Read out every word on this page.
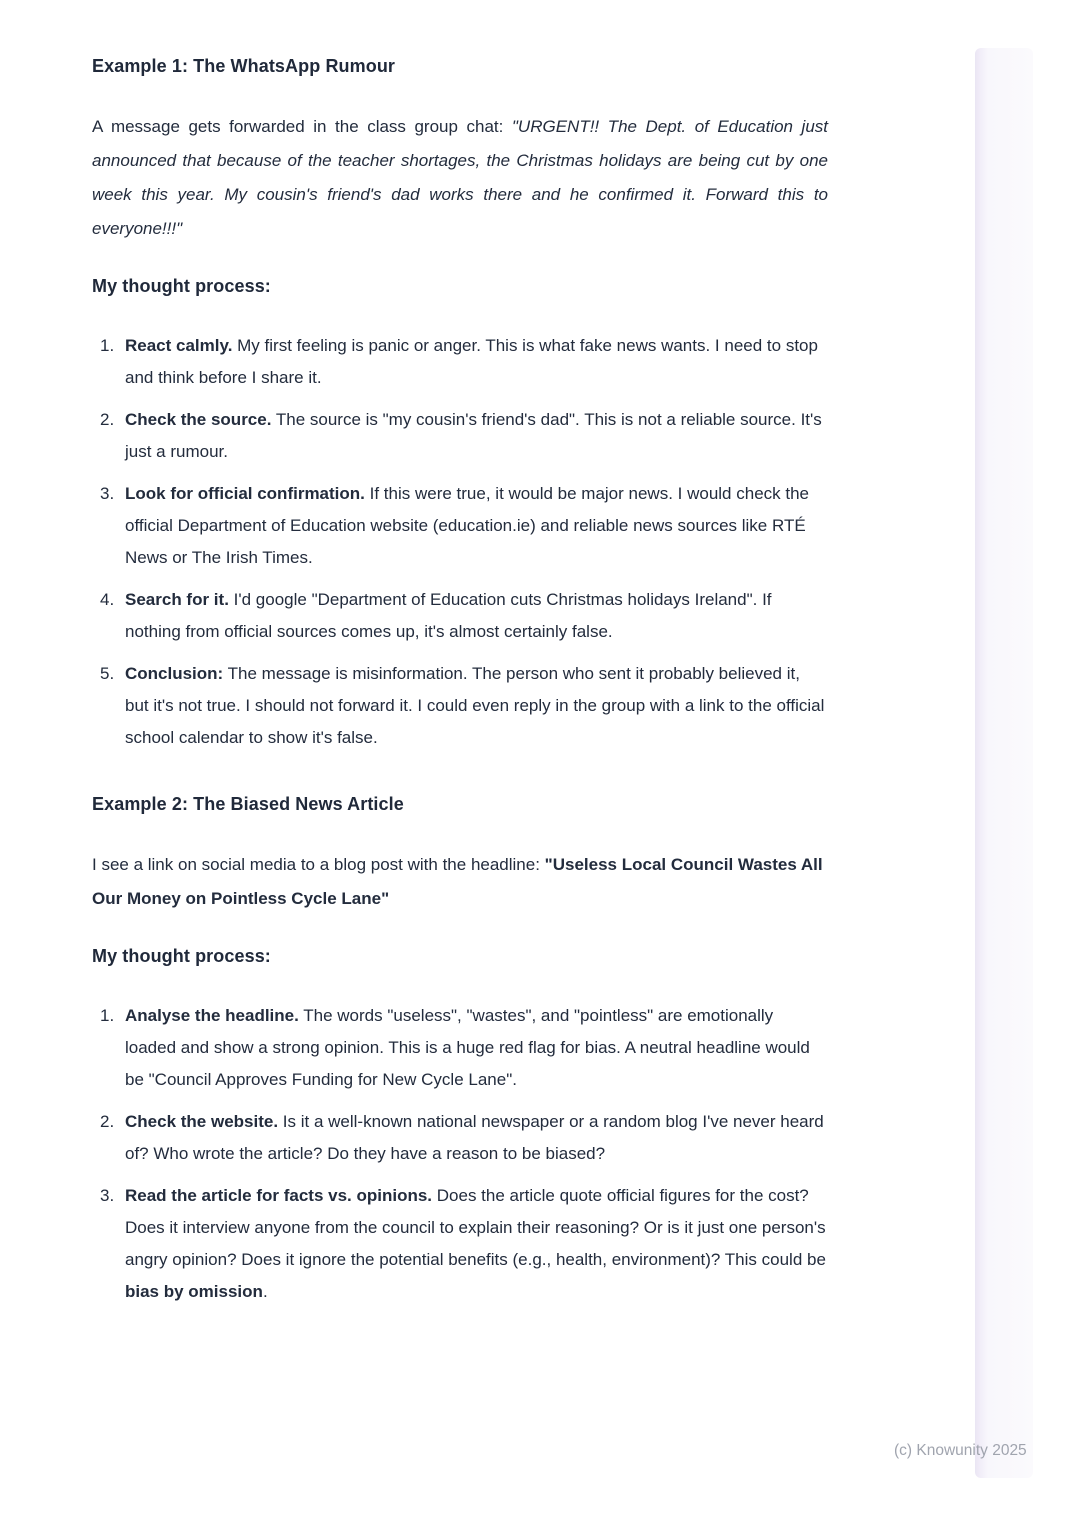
Example 1: The WhatsApp Rumour

A message gets forwarded in the class group chat: "URGENT!! The Dept. of Education just announced that because of the teacher shortages, the Christmas holidays are being cut by one week this year. My cousin's friend's dad works there and he confirmed it. Forward this to everyone!!!"

My thought process:
1. React calmly. My first feeling is panic or anger. This is what fake news wants. I need to stop and think before I share it.
2. Check the source. The source is "my cousin's friend's dad". This is not a reliable source. It's just a rumour.
3. Look for official confirmation. If this were true, it would be major news. I would check the official Department of Education website (education.ie) and reliable news sources like RTÉ News or The Irish Times.
4. Search for it. I'd google "Department of Education cuts Christmas holidays Ireland". If nothing from official sources comes up, it's almost certainly false.
5. Conclusion: The message is misinformation. The person who sent it probably believed it, but it's not true. I should not forward it. I could even reply in the group with a link to the official school calendar to show it's false.
Example 2: The Biased News Article

I see a link on social media to a blog post with the headline: "Useless Local Council Wastes All Our Money on Pointless Cycle Lane"

My thought process:
1. Analyse the headline. The words "useless", "wastes", and "pointless" are emotionally loaded and show a strong opinion. This is a huge red flag for bias. A neutral headline would be "Council Approves Funding for New Cycle Lane".
2. Check the website. Is it a well-known national newspaper or a random blog I've never heard of? Who wrote the article? Do they have a reason to be biased?
3. Read the article for facts vs. opinions. Does the article quote official figures for the cost? Does it interview anyone from the council to explain their reasoning? Or is it just one person's angry opinion? Does it ignore the potential benefits (e.g., health, environment)? This could be bias by omission.
(c) Knowunity 2025
